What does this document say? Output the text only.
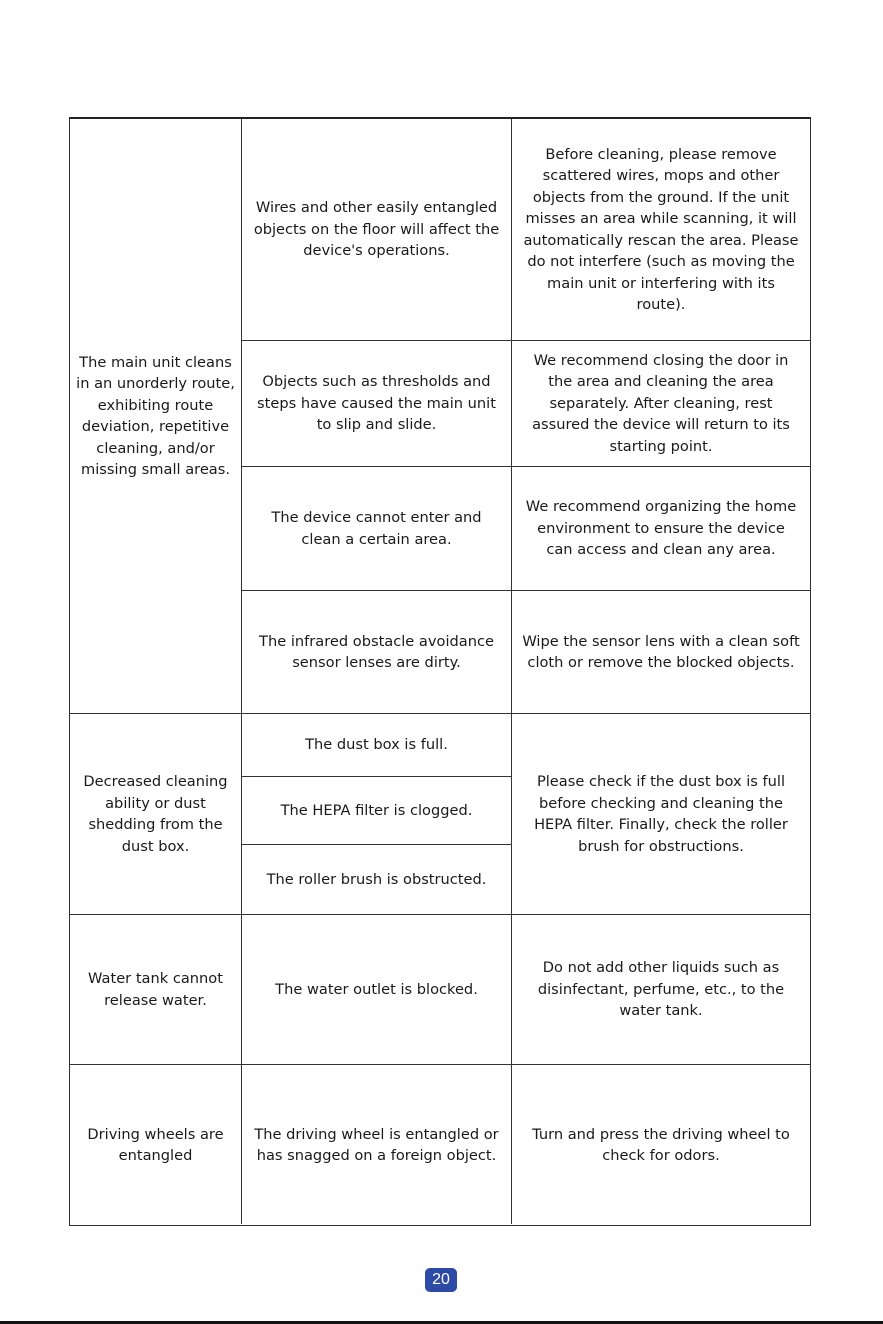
The main unit cleans in an unorderly route, exhibiting route deviation, repetitive cleaning, and/or missing small areas.
Wires and other easily entangled objects on the floor will affect the device's operations.
Before cleaning, please remove scattered wires, mops and other objects from the ground. If the unit misses an area while scanning, it will automatically rescan the area. Please do not interfere (such as moving the main unit or interfering with its route).
Objects such as thresholds and steps have caused the main unit to slip and slide.
We recommend closing the door in the area and cleaning the area separately. After cleaning, rest assured the device will return to its starting point.
The device cannot enter and clean a certain area.
We recommend organizing the home environment to ensure the device can access and clean any area.
The infrared obstacle avoidance sensor lenses are dirty.
Wipe the sensor lens with a clean soft cloth or remove the blocked objects.
Decreased cleaning ability or dust shedding from the dust box.
The dust box is full.
The HEPA filter is clogged.
The roller brush is obstructed.
Please check if the dust box is full before checking and cleaning the HEPA filter. Finally, check the roller brush for obstructions.
Water tank cannot release water.
The water outlet is blocked.
Do not add other liquids such as disinfectant, perfume, etc., to the water tank.
Driving wheels are entangled
The driving wheel is entangled or has snagged on a foreign object.
Turn and press the driving wheel to check for odors.
20
